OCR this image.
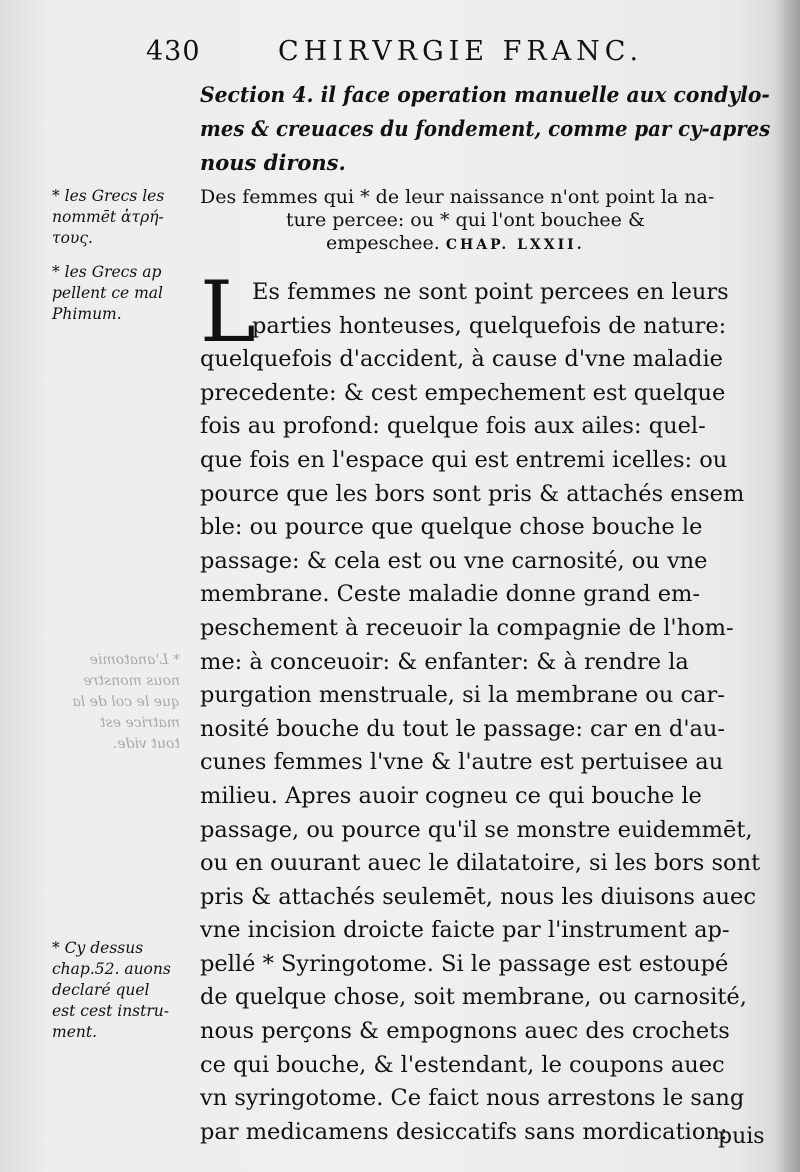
430	CHIRVRGIE FRANC.
Section 4. il face operation manuelle aux condylo-
mes & creuaces du fondement, comme par cy-apres
nous dirons.
* les Grecs les
nommēt ἀτρή-
τους.
Des femmes qui * de leur naissance n'ont point la na-
ture percee: ou * qui l'ont bouchee &
empeschee. CHAP. LXXII.
* les Grecs ap
pellent ce mal
Phimum. L
Es femmes ne sont point percees en leurs
parties honteuses, quelquefois de nature:
quelquefois d'accident, à cause d'vne maladie
precedente: & cest empechement est quelque
fois au profond: quelque fois aux ailes: quel-
que fois en l'espace qui est entremi icelles: ou
pource que les bors sont pris & attachés ensem
ble: ou pource que quelque chose bouche le
passage: & cela est ou vne carnosité, ou vne
membrane. Ceste maladie donne grand em-
peschement à receuoir la compagnie de l'hom-
me: à conceuoir: & enfanter: & à rendre la
purgation menstruale, si la membrane ou car-
nosité bouche du tout le passage: car en d'au-
cunes femmes l'vne & l'autre est pertuisee au
milieu. Apres auoir cogneu ce qui bouche le
passage, ou pource qu'il se monstre euidemmēt,
ou en ouurant auec le dilatatoire, si les bors sont
pris & attachés seulemēt, nous les diuisons auec
vne incision droicte faicte par l'instrument ap-
pellé * Syringotome. Si le passage est estoupé
de quelque chose, soit membrane, ou carnosité,
nous perçons & empognons auec des crochets
ce qui bouche, & l'estendant, le coupons auec
vn syringotome. Ce faict nous arrestons le sang
par medicamens desiccatifs sans mordication:
* L'anatomie
nous monstre
que le col de la
matrice est
tout vide.
* Cy dessus
chap.52. auons
declaré quel
est cest instru-
ment.
puis
